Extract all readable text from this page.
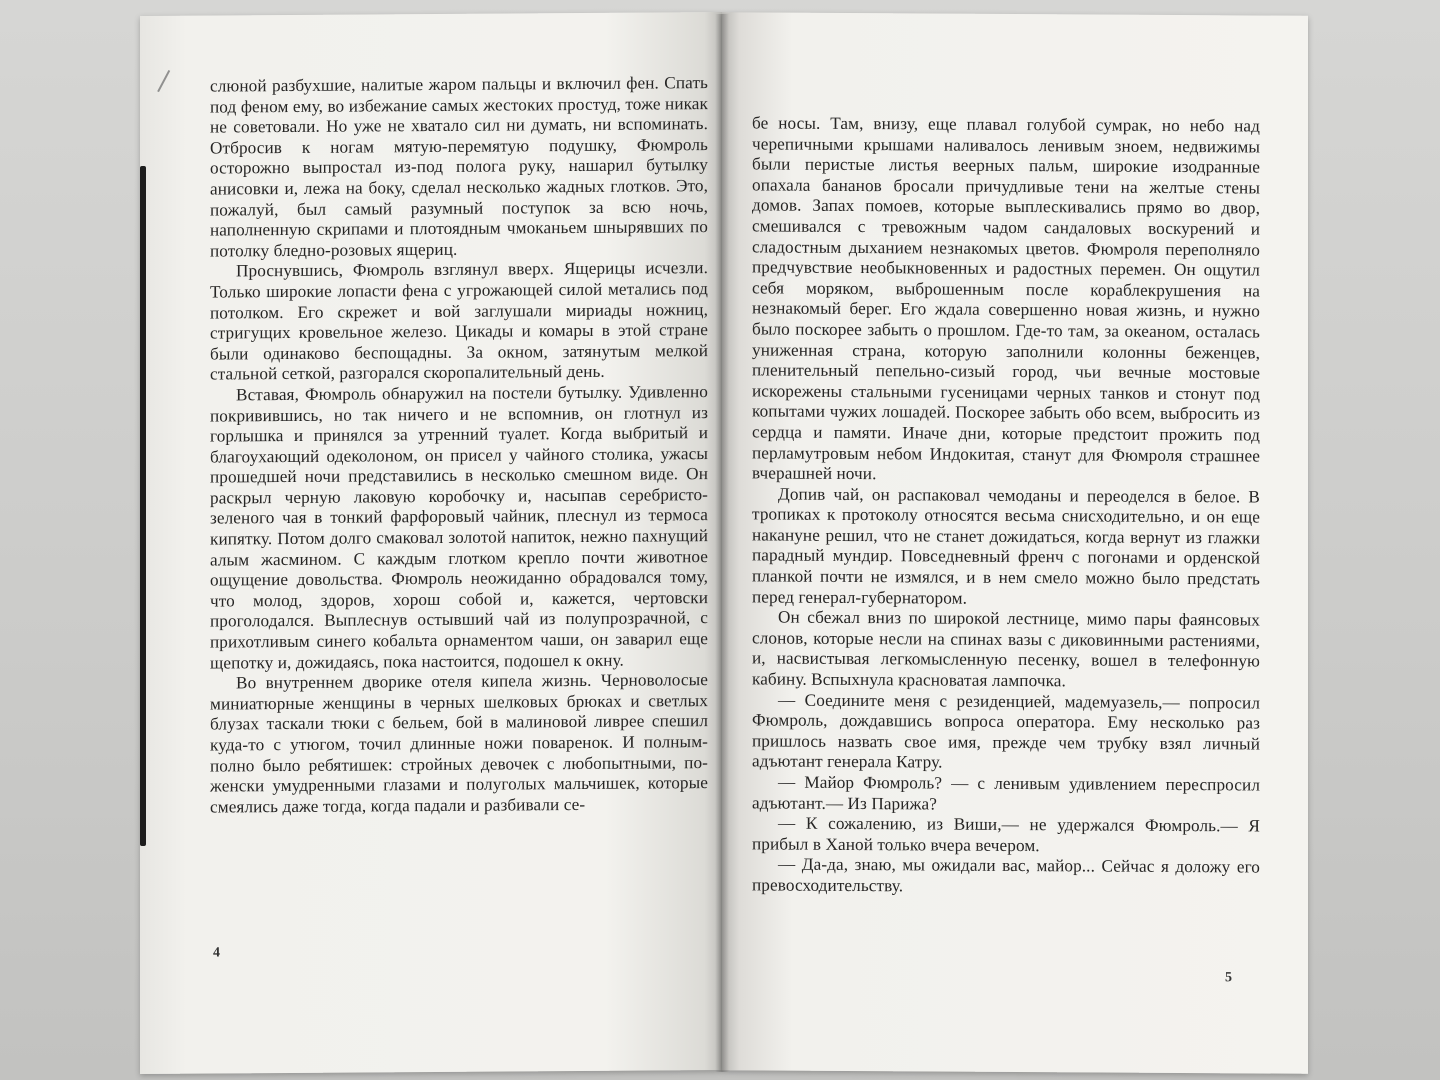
слюной разбухшие, налитые жаром пальцы и включил фен. Спать под феном ему, во избежание самых жестоких простуд, тоже никак не советовали. Но уже не хватало сил ни думать, ни вспоминать. Отбросив к ногам мятую-перемятую подушку, Фюмроль осторожно выпростал из-под полога руку, нашарил бутылку анисовки и, лежа на боку, сделал несколько жадных глотков. Это, пожалуй, был самый разумный поступок за всю ночь, наполненную скрипами и плотоядным чмоканьем шнырявших по потолку бледно-розовых ящериц.

Проснувшись, Фюмроль взглянул вверх. Ящерицы исчезли. Только широкие лопасти фена с угрожающей силой метались под потолком. Его скрежет и вой заглушали мириады ножниц, стригущих кровельное железо. Цикады и комары в этой стране были одинаково беспощадны. За окном, затянутым мелкой стальной сеткой, разгорался скоропалительный день.

Вставая, Фюмроль обнаружил на постели бутылку. Удивленно покривившись, но так ничего и не вспомнив, он глотнул из горлышка и принялся за утренний туалет. Когда выбритый и благоухающий одеколоном, он присел у чайного столика, ужасы прошедшей ночи представились в несколько смешном виде. Он раскрыл черную лаковую коробочку и, насыпав серебристо-зеленого чая в тонкий фарфоровый чайник, плеснул из термоса кипятку. Потом долго смаковал золотой напиток, нежно пахнущий алым жасмином. С каждым глотком крепло почти животное ощущение довольства. Фюмроль неожиданно обрадовался тому, что молод, здоров, хорош собой и, кажется, чертовски проголодался. Выплеснув остывший чай из полупрозрачной, с прихотливым синего кобальта орнаментом чаши, он заварил еще щепотку и, дожидаясь, пока настоится, подошел к окну.

Во внутреннем дворике отеля кипела жизнь. Черноволосые миниатюрные женщины в черных шелковых брюках и светлых блузах таскали тюки с бельем, бой в малиновой ливрее спешил куда-то с утюгом, точил длинные ножи поваренок. И полным-полно было ребятишек: стройных девочек с любопытными, по-женски умудренными глазами и полуголых мальчишек, которые смеялись даже тогда, когда падали и разбивали се-

4

бе носы. Там, внизу, еще плавал голубой сумрак, но небо над черепичными крышами наливалось ленивым зноем, недвижимы были перистые листья веерных пальм, широкие изодранные опахала бананов бросали причудливые тени на желтые стены домов. Запах помоев, которые выплескивались прямо во двор, смешивался с тревожным чадом сандаловых воскурений и сладостным дыханием незнакомых цветов. Фюмроля переполняло предчувствие необыкновенных и радостных перемен. Он ощутил себя моряком, выброшенным после кораблекрушения на незнакомый берег. Его ждала совершенно новая жизнь, и нужно было поскорее забыть о прошлом. Где-то там, за океаном, осталась униженная страна, которую заполнили колонны беженцев, пленительный пепельно-сизый город, чьи вечные мостовые искорежены стальными гусеницами черных танков и стонут под копытами чужих лошадей. Поскорее забыть обо всем, выбросить из сердца и памяти. Иначе дни, которые предстоит прожить под перламутровым небом Индокитая, станут для Фюмроля страшнее вчерашней ночи.

Допив чай, он распаковал чемоданы и переоделся в белое. В тропиках к протоколу относятся весьма снисходительно, и он еще накануне решил, что не станет дожидаться, когда вернут из глажки парадный мундир. Повседневный френч с погонами и орденской планкой почти не измялся, и в нем смело можно было предстать перед генерал-губернатором.

Он сбежал вниз по широкой лестнице, мимо пары фаянсовых слонов, которые несли на спинах вазы с диковинными растениями, и, насвистывая легкомысленную песенку, вошел в телефонную кабину. Вспыхнула красноватая лампочка.

— Соедините меня с резиденцией, мадемуазель,— попросил Фюмроль, дождавшись вопроса оператора. Ему несколько раз пришлось назвать свое имя, прежде чем трубку взял личный адъютант генерала Катру.

— Майор Фюмроль? — с ленивым удивлением переспросил адъютант.— Из Парижа?

— К сожалению, из Виши,— не удержался Фюмроль.— Я прибыл в Ханой только вчера вечером.

— Да-да, знаю, мы ожидали вас, майор... Сейчас я доложу его превосходительству.

5
